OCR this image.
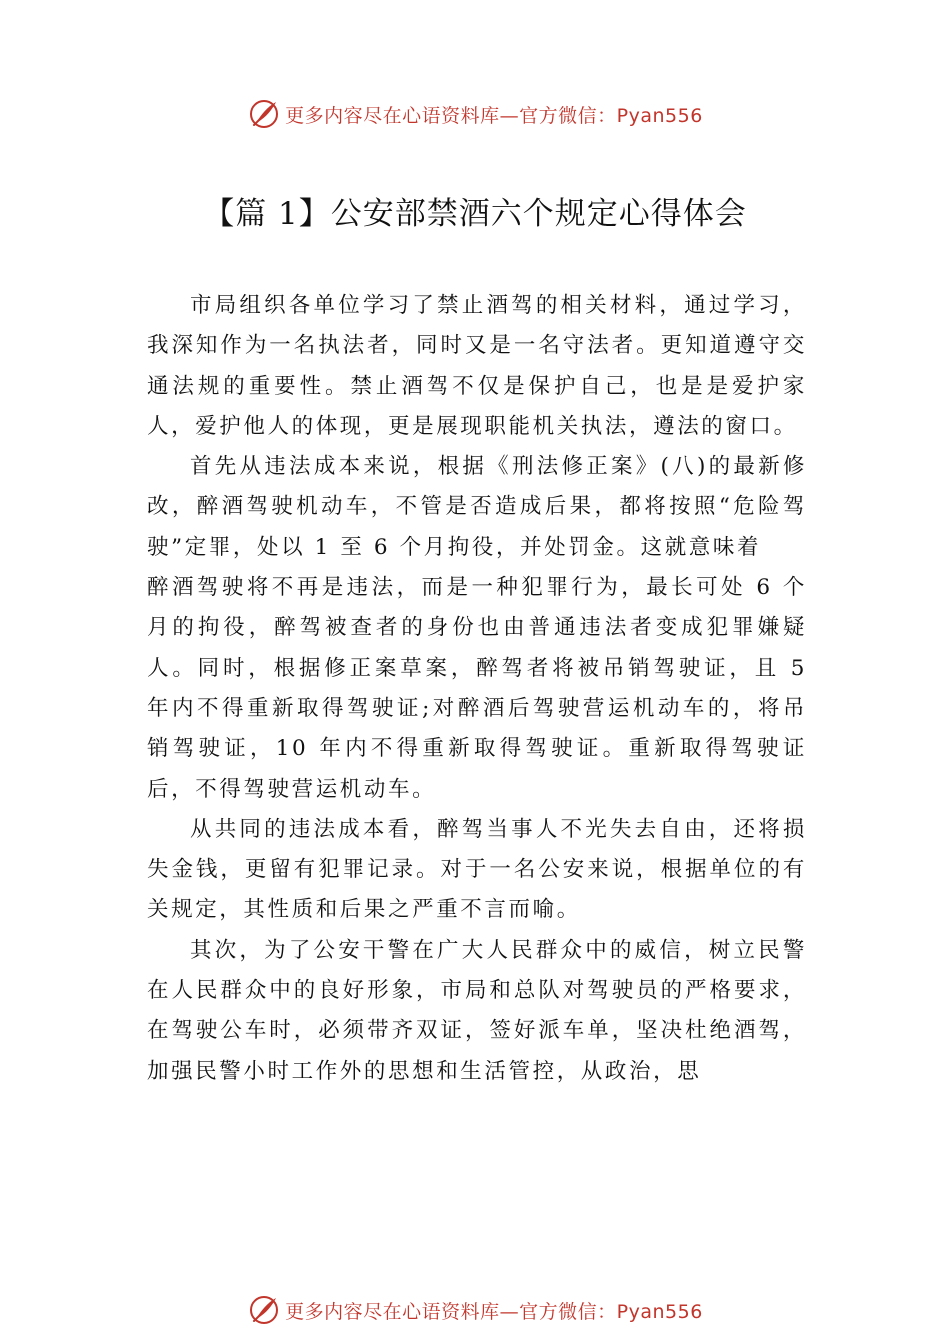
更多内容尽在心语资料库—官方微信：Pyan556
【篇 1】公安部禁酒六个规定心得体会

市局组织各单位学习了禁止酒驾的相关材料，通过学习，我深知作为一名执法者，同时又是一名守法者。更知道遵守交通法规的重要性。禁止酒驾不仅是保护自己，也是是爱护家人，爱护他人的体现，更是展现职能机关执法，遵法的窗口。

首先从违法成本来说，根据《刑法修正案》(八)的最新修改，醉酒驾驶机动车，不管是否造成后果，都将按照“危险驾驶”定罪，处以 1 至 6 个月拘役，并处罚金。这就意味着

醉酒驾驶将不再是违法，而是一种犯罪行为，最长可处 6 个月的拘役，醉驾被查者的身份也由普通违法者变成犯罪嫌疑人。同时，根据修正案草案，醉驾者将被吊销驾驶证，且 5 年内不得重新取得驾驶证;对醉酒后驾驶营运机动车的，将吊销驾驶证，10 年内不得重新取得驾驶证。重新取得驾驶证后，不得驾驶营运机动车。

从共同的违法成本看，醉驾当事人不光失去自由，还将损失金钱，更留有犯罪记录。对于一名公安来说，根据单位的有关规定，其性质和后果之严重不言而喻。

其次，为了公安干警在广大人民群众中的威信，树立民警在人民群众中的良好形象，市局和总队对驾驶员的严格要求，在驾驶公车时，必须带齐双证，签好派车单，坚决杜绝酒驾，加强民警小时工作外的思想和生活管控，从政治，思

更多内容尽在心语资料库—官方微信：Pyan556
